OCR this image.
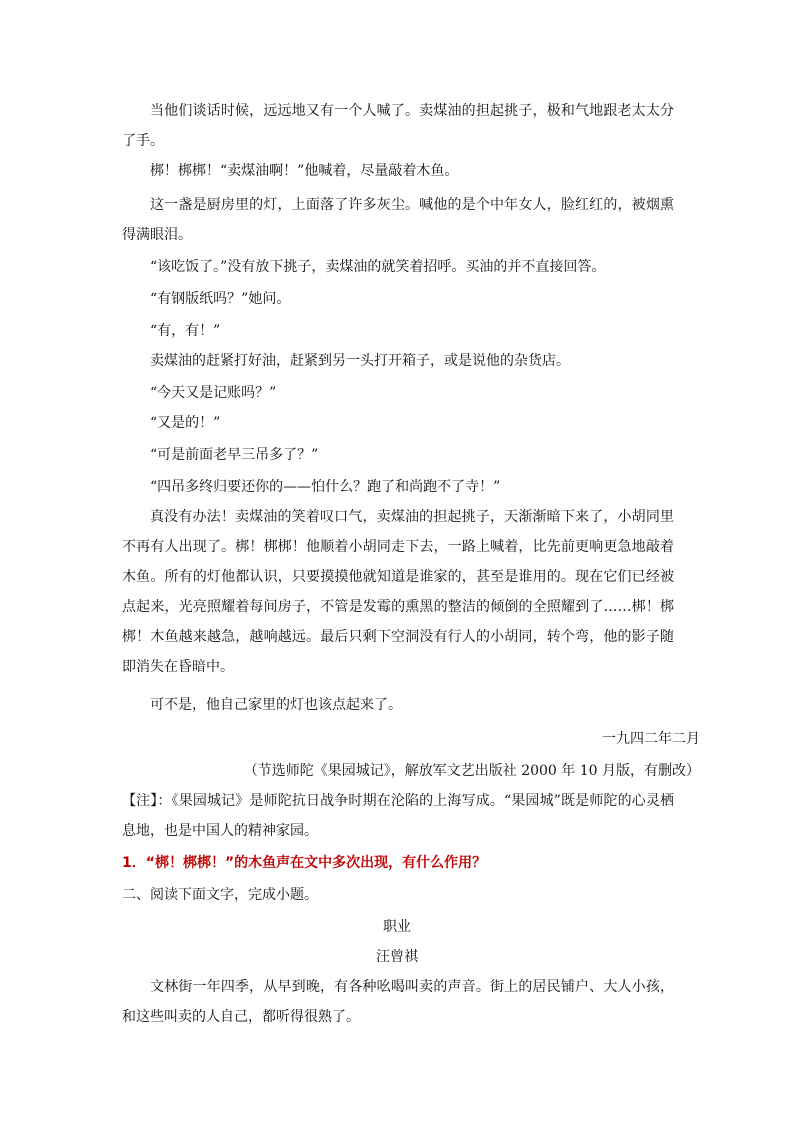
当他们谈话时候，远远地又有一个人喊了。卖煤油的担起挑子，极和气地跟老太太分了手。

梆！梆梆！“卖煤油啊！”他喊着，尽量敲着木鱼。

这一盏是厨房里的灯，上面落了许多灰尘。喊他的是个中年女人，脸红红的，被烟熏得满眼泪。

“该吃饭了。”没有放下挑子，卖煤油的就笑着招呼。买油的并不直接回答。

“有钢版纸吗？”她问。

“有，有！”

卖煤油的赶紧打好油，赶紧到另一头打开箱子，或是说他的杂货店。

“今天又是记账吗？”

“又是的！”

“可是前面老早三吊多了？”

“四吊多终归要还你的——怕什么？跑了和尚跑不了寺！”

真没有办法！卖煤油的笑着叹口气，卖煤油的担起挑子，天渐渐暗下来了，小胡同里不再有人出现了。梆！梆梆！他顺着小胡同走下去，一路上喊着，比先前更响更急地敲着木鱼。所有的灯他都认识，只要摸摸他就知道是谁家的，甚至是谁用的。现在它们已经被点起来，光亮照耀着每间房子，不管是发霉的熏黑的整洁的倾倒的全照耀到了……梆！梆梆！木鱼越来越急，越响越远。最后只剩下空洞没有行人的小胡同，转个弯，他的影子随即消失在昏暗中。

可不是，他自己家里的灯也该点起来了。

一九四二年二月
（节选师陀《果园城记》，解放军文艺出版社 2000 年 10 月版，有删改）

【注】：《果园城记》是师陀抗日战争时期在沦陷的上海写成。“果园城”既是师陀的心灵栖息地，也是中国人的精神家园。

1．“梆！梆梆！”的木鱼声在文中多次出现，有什么作用？
二、阅读下面文字，完成小题。
职业
汪曾祺

文林街一年四季，从早到晚，有各种吆喝叫卖的声音。街上的居民铺户、大人小孩，和这些叫卖的人自己，都听得很熟了。
